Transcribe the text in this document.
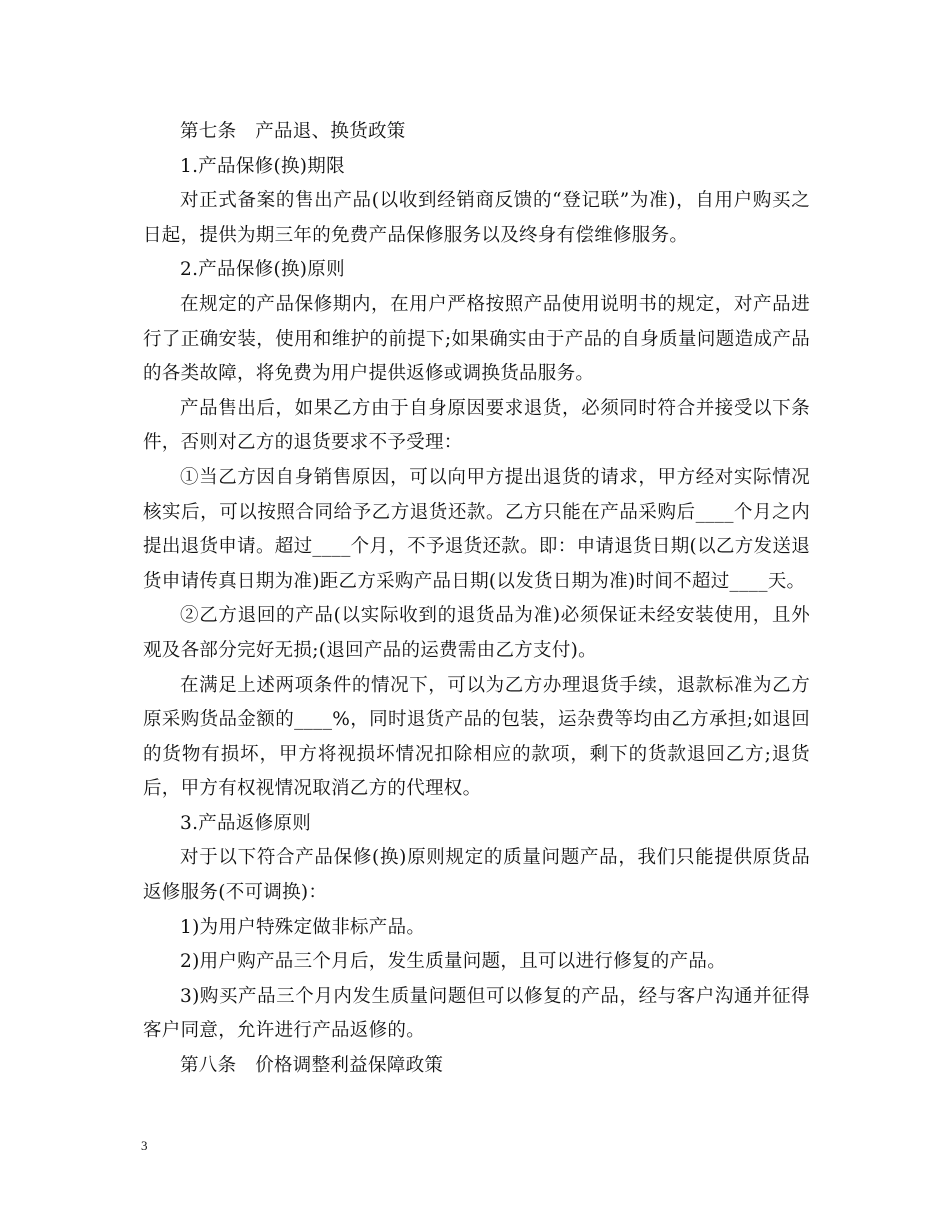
第七条　产品退、换货政策

1.产品保修(换)期限

对正式备案的售出产品(以收到经销商反馈的“登记联”为准)，自用户购买之日起，提供为期三年的免费产品保修服务以及终身有偿维修服务。

2.产品保修(换)原则

在规定的产品保修期内，在用户严格按照产品使用说明书的规定，对产品进行了正确安装，使用和维护的前提下;如果确实由于产品的自身质量问题造成产品的各类故障，将免费为用户提供返修或调换货品服务。

产品售出后，如果乙方由于自身原因要求退货，必须同时符合并接受以下条件，否则对乙方的退货要求不予受理：

①当乙方因自身销售原因，可以向甲方提出退货的请求，甲方经对实际情况核实后，可以按照合同给予乙方退货还款。乙方只能在产品采购后____个月之内提出退货申请。超过____个月，不予退货还款。即：申请退货日期(以乙方发送退货申请传真日期为准)距乙方采购产品日期(以发货日期为准)时间不超过____天。

②乙方退回的产品(以实际收到的退货品为准)必须保证未经安装使用，且外观及各部分完好无损;(退回产品的运费需由乙方支付)。

在满足上述两项条件的情况下，可以为乙方办理退货手续，退款标准为乙方原采购货品金额的____%，同时退货产品的包装，运杂费等均由乙方承担;如退回的货物有损坏，甲方将视损坏情况扣除相应的款项，剩下的货款退回乙方;退货后，甲方有权视情况取消乙方的代理权。

3.产品返修原则

对于以下符合产品保修(换)原则规定的质量问题产品，我们只能提供原货品返修服务(不可调换)：

1)为用户特殊定做非标产品。

2)用户购产品三个月后，发生质量问题，且可以进行修复的产品。

3)购买产品三个月内发生质量问题但可以修复的产品，经与客户沟通并征得客户同意，允许进行产品返修的。

第八条　价格调整利益保障政策

3
